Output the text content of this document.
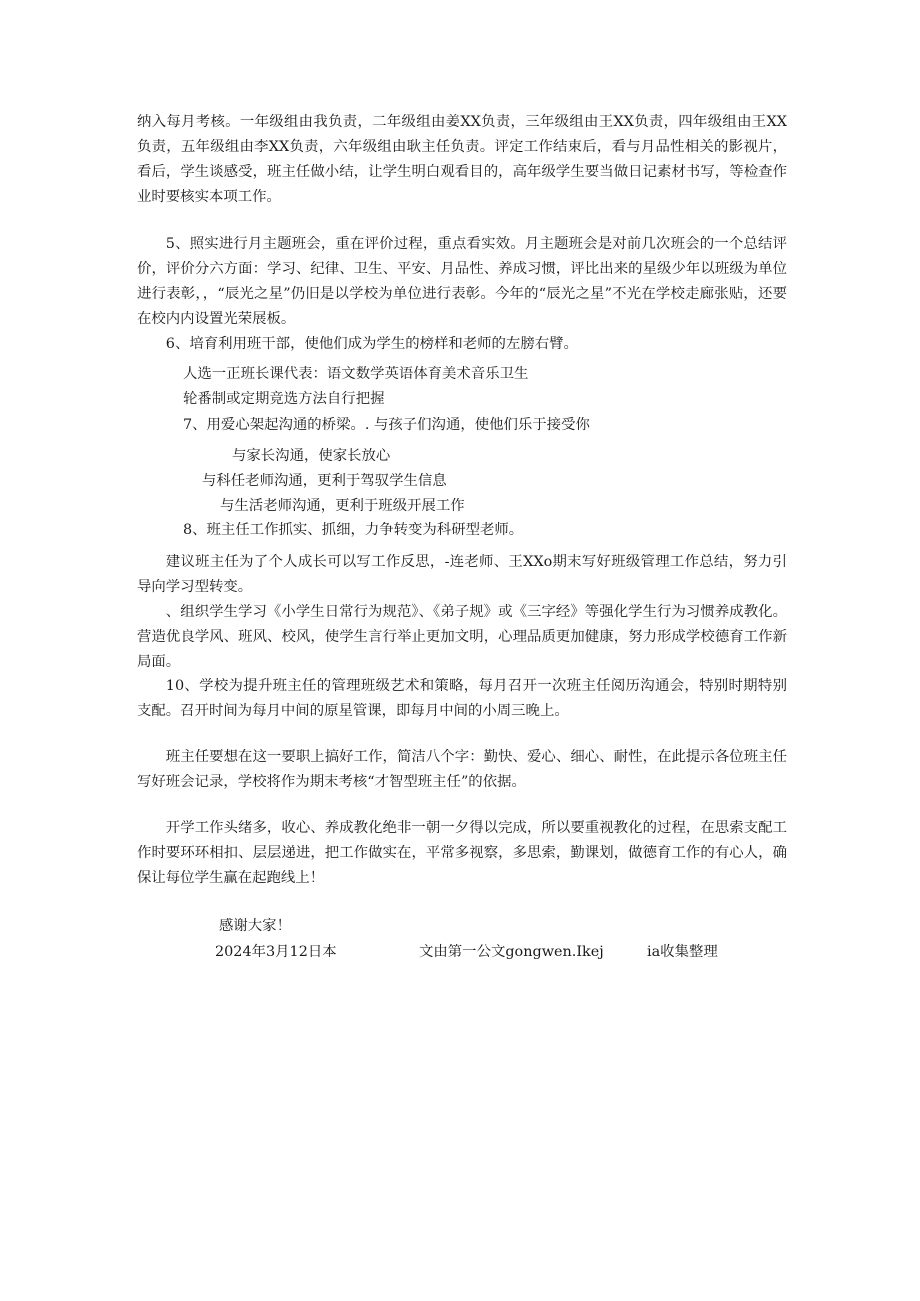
纳入每月考核。一年级组由我负责，二年级组由姜XX负责，三年级组由王XX负责，四年级组由王XX负责，五年级组由李XX负责，六年级组由耿主任负责。评定工作结束后，看与月品性相关的影视片，看后，学生谈感受，班主任做小结，让学生明白观看目的，高年级学生要当做日记素材书写，等检查作业时要核实本项工作。

5、照实进行月主题班会，重在评价过程，重点看实效。月主题班会是对前几次班会的一个总结评价，评价分六方面：学习、纪律、卫生、平安、月品性、养成习惯，评比出来的星级少年以班级为单位进行表彰，，“辰光之星”仍旧是以学校为单位进行表彰。今年的“辰光之星”不光在学校走廊张贴，还要在校内内设置光荣展板。

6、培育利用班干部，使他们成为学生的榜样和老师的左膀右臂。

人选一正班长课代表：语文数学英语体育美术音乐卫生

轮番制或定期竞选方法自行把握

7、用爱心架起沟通的桥梁。. 与孩子们沟通，使他们乐于接受你

与家长沟通，使家长放心

与科任老师沟通，更利于驾驭学生信息

与生活老师沟通，更利于班级开展工作

8、班主任工作抓实、抓细，力争转变为科研型老师。

建议班主任为了个人成长可以写工作反思，-连老师、王XXo期末写好班级管理工作总结，努力引导向学习型转变。

、组织学生学习《小学生日常行为规范》、《弟子规》或《三字经》等强化学生行为习惯养成教化。营造优良学风、班风、校风，使学生言行举止更加文明，心理品质更加健康，努力形成学校德育工作新局面。

10、学校为提升班主任的管理班级艺术和策略，每月召开一次班主任阅历沟通会，特别时期特别支配。召开时间为每月中间的原星管课，即每月中间的小周三晚上。

班主任要想在这一要职上搞好工作，简洁八个字：勤快、爱心、细心、耐性，在此提示各位班主任写好班会记录，学校将作为期末考核“才智型班主任”的依据。

开学工作头绪多，收心、养成教化绝非一朝一夕得以完成，所以要重视教化的过程，在思索支配工作时要环环相扣、层层递进，把工作做实在，平常多视察，多思索，勤课划，做德育工作的有心人，确保让每位学生赢在起跑线上！

感谢大家！

2024年3月12日本	文由第一公文gongwen.Ikej	ia收集整理
